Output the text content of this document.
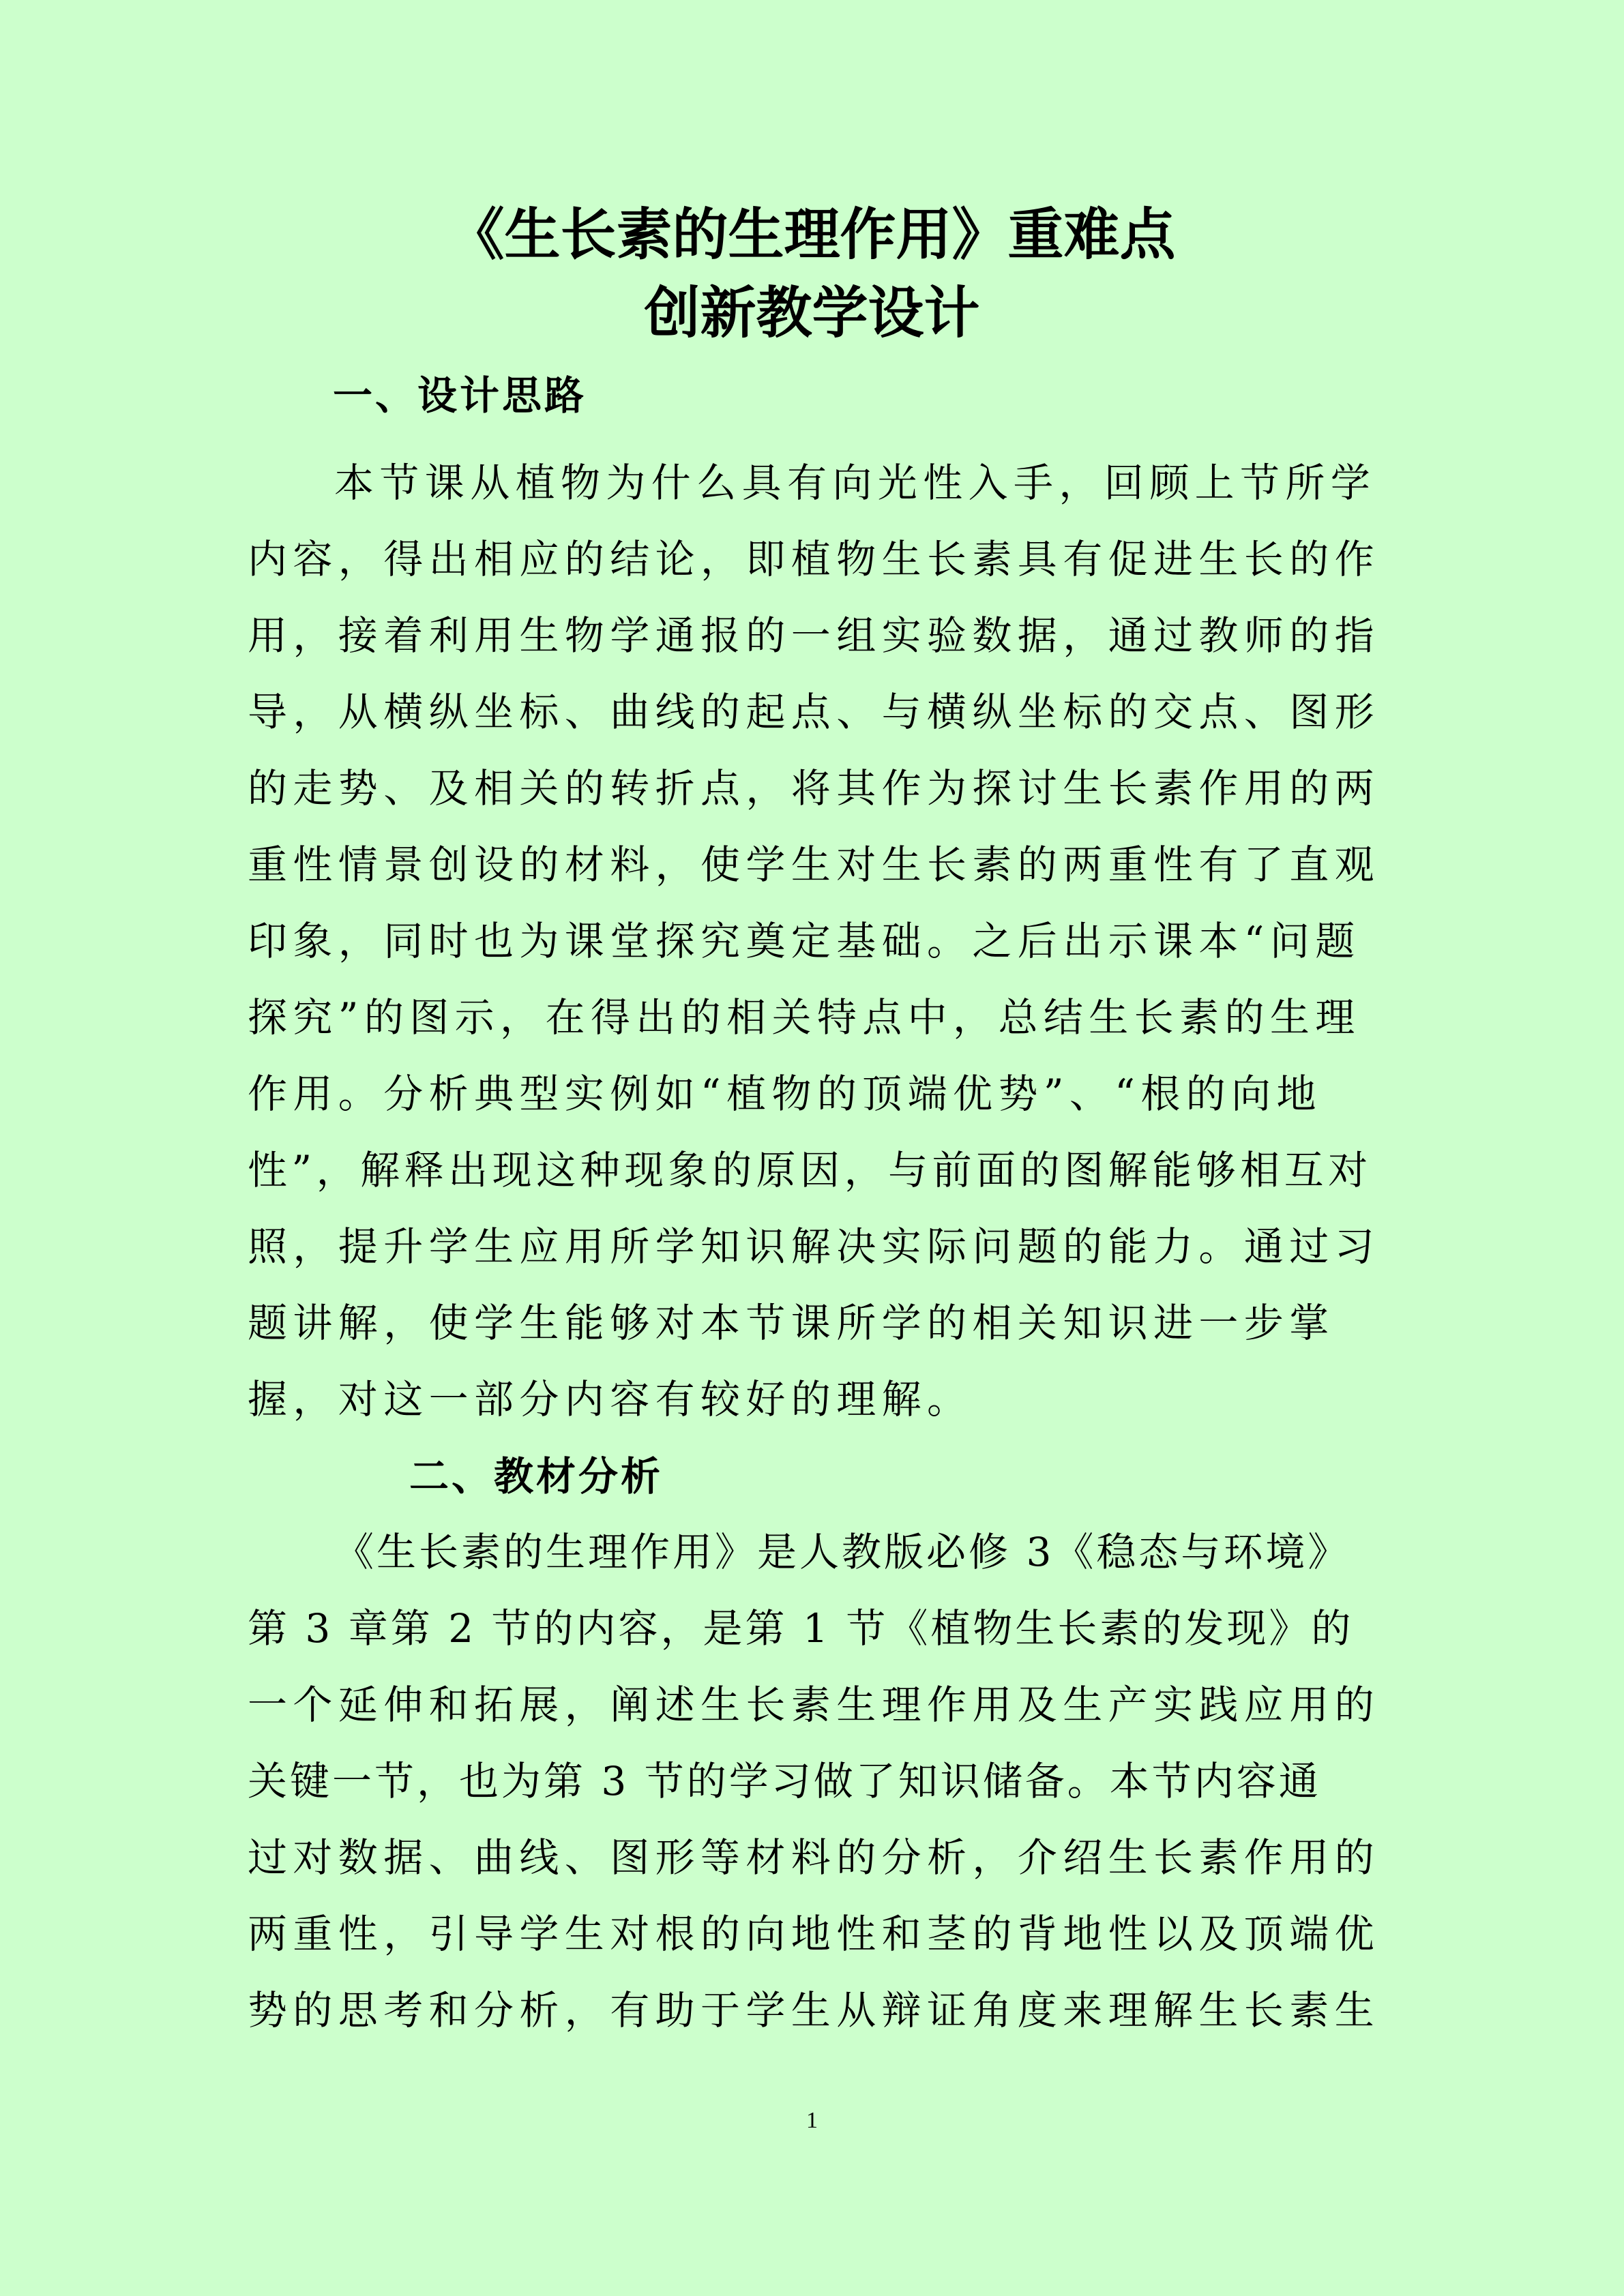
《生长素的生理作用》重难点
创新教学设计
一、设计思路
本节课从植物为什么具有向光性入手，回顾上节所学
内容，得出相应的结论，即植物生长素具有促进生长的作
用，接着利用生物学通报的一组实验数据，通过教师的指
导，从横纵坐标、曲线的起点、与横纵坐标的交点、图形
的走势、及相关的转折点，将其作为探讨生长素作用的两
重性情景创设的材料，使学生对生长素的两重性有了直观
印象，同时也为课堂探究奠定基础。之后出示课本“问题
探究”的图示，在得出的相关特点中，总结生长素的生理
作用。分析典型实例如“植物的顶端优势”、“根的向地
性”，解释出现这种现象的原因，与前面的图解能够相互对
照，提升学生应用所学知识解决实际问题的能力。通过习
题讲解，使学生能够对本节课所学的相关知识进一步掌
握，对这一部分内容有较好的理解。
二、教材分析
《生长素的生理作用》是人教版必修 3《稳态与环境》
第 3 章第 2 节的内容，是第 1 节《植物生长素的发现》的
一个延伸和拓展，阐述生长素生理作用及生产实践应用的
关键一节，也为第 3 节的学习做了知识储备。本节内容通
过对数据、曲线、图形等材料的分析，介绍生长素作用的
两重性，引导学生对根的向地性和茎的背地性以及顶端优
势的思考和分析，有助于学生从辩证角度来理解生长素生
1
